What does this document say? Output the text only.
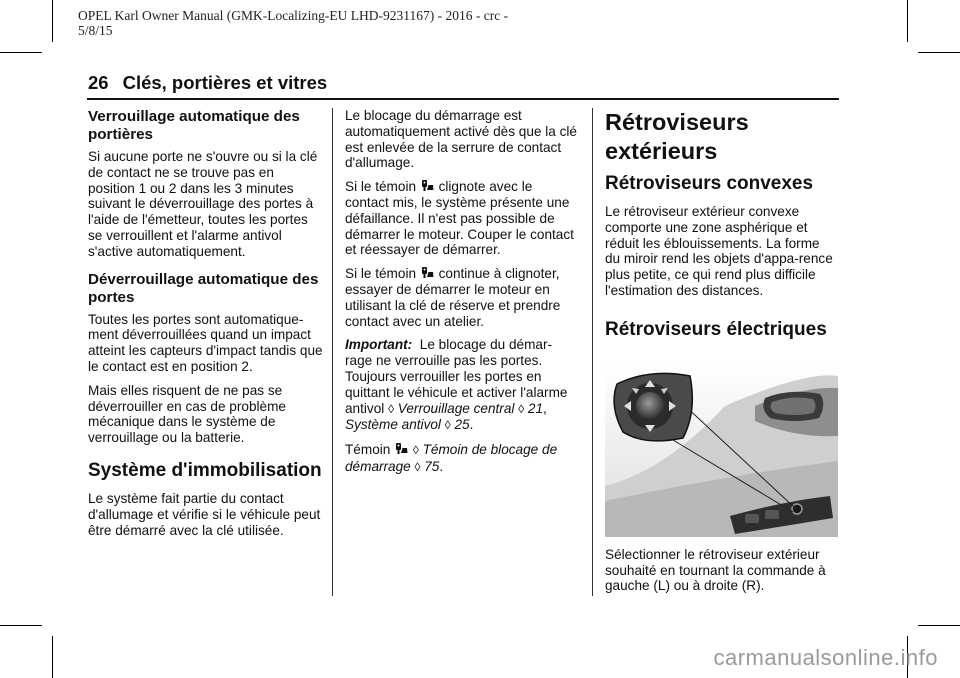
OPEL Karl Owner Manual (GMK-Localizing-EU LHD-9231167) - 2016 - crc -
5/8/15
26 Clés, portières et vitres
Verrouillage automatique des portières

Si aucune porte ne s'ouvre ou si la clé de contact ne se trouve pas en position 1 ou 2 dans les 3 minutes suivant le déverrouillage des portes à l'aide de l'émetteur, toutes les portes se verrouillent et l'alarme antivol s'active automatiquement.

Déverrouillage automatique des portes

Toutes les portes sont automatique-ment déverrouillées quand un impact atteint les capteurs d'impact tandis que le contact est en position 2.

Mais elles risquent de ne pas se déverrouiller en cas de problème mécanique dans le système de verrouillage ou la batterie.

Système d'immobilisation

Le système fait partie du contact d'allumage et vérifie si le véhicule peut être démarré avec la clé utilisée.

Le blocage du démarrage est automatiquement activé dès que la clé est enlevée de la serrure de contact d'allumage.

Si le témoin clignote avec le contact mis, le système présente une défaillance. Il n'est pas possible de démarrer le moteur. Couper le contact et réessayer de démarrer.

Si le témoin continue à clignoter, essayer de démarrer le moteur en utilisant la clé de réserve et prendre contact avec un atelier.

Important: Le blocage du démar-rage ne verrouille pas les portes. Toujours verrouiller les portes en quittant le véhicule et activer l'alarme antivol ◊ Verrouillage central ◊ 21, Système antivol ◊ 25.

Témoin ◊ Témoin de blocage de démarrage ◊ 75.

Rétroviseurs extérieurs
Rétroviseurs convexes

Le rétroviseur extérieur convexe comporte une zone asphérique et réduit les éblouissements. La forme du miroir rend les objets d'appa-rence plus petite, ce qui rend plus difficile l'estimation des distances.

Rétroviseurs électriques

Sélectionner le rétroviseur extérieur souhaité en tournant la commande à gauche (L) ou à droite (R).

carmanualsonline.info
